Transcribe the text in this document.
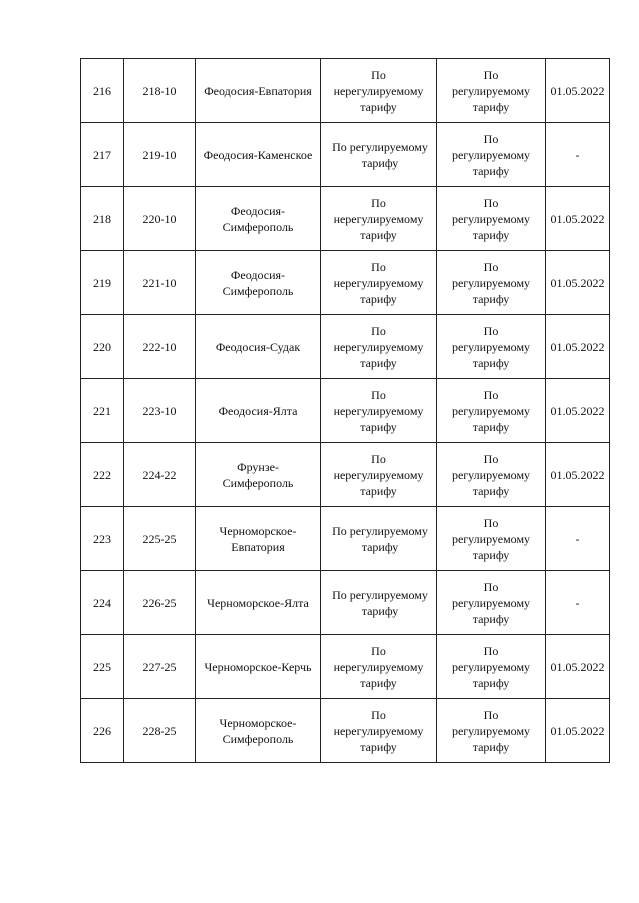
216	218-10	Феодосия-Евпатория	По нерегулируемому тарифу	По регулируемому тарифу	01.05.2022
217	219-10	Феодосия-Каменское	По регулируемому тарифу	По регулируемому тарифу	-
218	220-10	Феодосия-Симферополь	По нерегулируемому тарифу	По регулируемому тарифу	01.05.2022
219	221-10	Феодосия-Симферополь	По нерегулируемому тарифу	По регулируемому тарифу	01.05.2022
220	222-10	Феодосия-Судак	По нерегулируемому тарифу	По регулируемому тарифу	01.05.2022
221	223-10	Феодосия-Ялта	По нерегулируемому тарифу	По регулируемому тарифу	01.05.2022
222	224-22	Фрунзе-Симферополь	По нерегулируемому тарифу	По регулируемому тарифу	01.05.2022
223	225-25	Черноморское-Евпатория	По регулируемому тарифу	По регулируемому тарифу	-
224	226-25	Черноморское-Ялта	По регулируемому тарифу	По регулируемому тарифу	-
225	227-25	Черноморское-Керчь	По нерегулируемому тарифу	По регулируемому тарифу	01.05.2022
226	228-25	Черноморское-Симферополь	По нерегулируемому тарифу	По регулируемому тарифу	01.05.2022
